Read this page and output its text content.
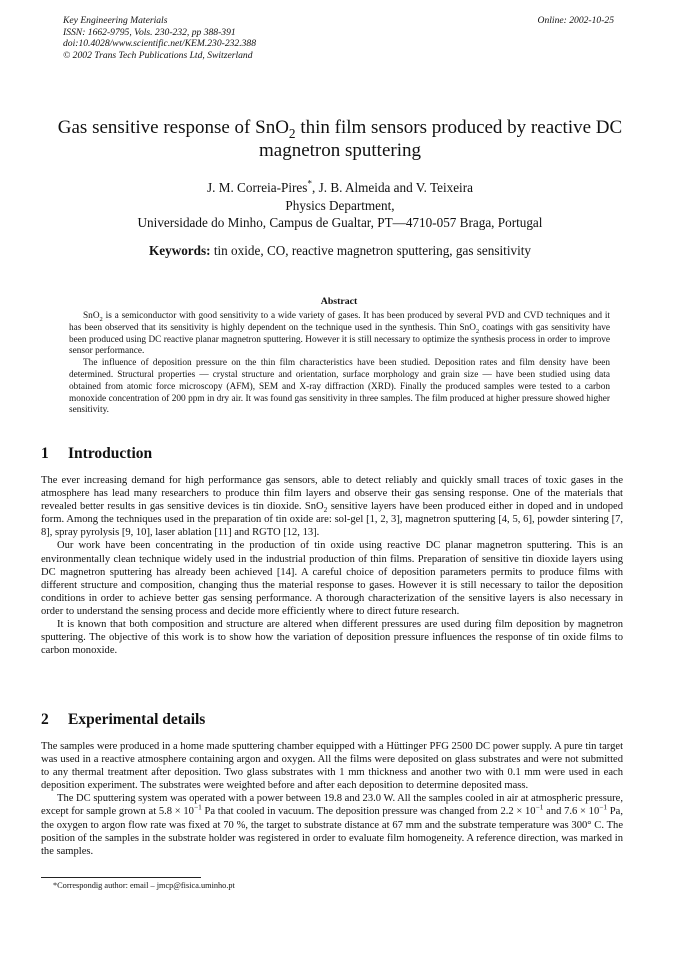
Key Engineering Materials
ISSN: 1662-9795, Vols. 230-232, pp 388-391
doi:10.4028/www.scientific.net/KEM.230-232.388
© 2002 Trans Tech Publications Ltd, Switzerland
Online: 2002-10-25
Gas sensitive response of SnO$_2$ thin film sensors produced by reactive DC magnetron sputtering
J. M. Correia-Pires*, J. B. Almeida and V. Teixeira
Physics Department,
Universidade do Minho, Campus de Gualtar, PT—4710-057 Braga, Portugal
Keywords: tin oxide, CO, reactive magnetron sputtering, gas sensitivity
Abstract

SnO$_2$ is a semiconductor with good sensitivity to a wide variety of gases. It has been produced by several PVD and CVD techniques and it has been observed that its sensitivity is highly dependent on the technique used in the synthesis. Thin SnO$_2$ coatings with gas sensitivity have been produced using DC reactive planar magnetron sputtering. However it is still necessary to optimize the synthesis process in order to improve sensor performance.

The influence of deposition pressure on the thin film characteristics have been studied. Deposition rates and film density have been determined. Structural properties — crystal structure and orientation, surface morphology and grain size — have been studied using data obtained from atomic force microscopy (AFM), SEM and X-ray diffraction (XRD). Finally the produced samples were tested to a carbon monoxide concentration of 200 ppm in dry air. It was found gas sensitivity in three samples. The film produced at higher pressure showed higher sensitivity.

1 Introduction

The ever increasing demand for high performance gas sensors, able to detect reliably and quickly small traces of toxic gases in the atmosphere has lead many researchers to produce thin film layers and observe their gas sensing response. One of the materials that revealed better results in gas sensitive devices is tin dioxide. SnO$_2$ sensitive layers have been produced either in doped and in undoped form. Among the techniques used in the preparation of tin oxide are: sol-gel [1, 2, 3], magnetron sputtering [4, 5, 6], powder sintering [7, 8], spray pyrolysis [9, 10], laser ablation [11] and RGTO [12, 13].

Our work have been concentrating in the production of tin oxide using reactive DC planar magnetron sputtering. This is an environmentally clean technique widely used in the industrial production of thin films. Preparation of sensitive tin dioxide layers using DC magnetron sputtering has already been achieved [14]. A careful choice of deposition parameters permits to produce films with different structure and composition, changing thus the material response to gases. However it is still necessary to tailor the deposition conditions in order to achieve better gas sensing performance. A thorough characterization of the sensitive layers is also necessary in order to understand the sensing process and decide more efficiently where to direct future research.

It is known that both composition and structure are altered when different pressures are used during film deposition by magnetron sputtering. The objective of this work is to show how the variation of deposition pressure influences the response of tin oxide films to carbon monoxide.

2 Experimental details

The samples were produced in a home made sputtering chamber equipped with a Hüttinger PFG 2500 DC power supply. A pure tin target was used in a reactive atmosphere containing argon and oxygen. All the films were deposited on glass substrates and were not submitted to any thermal treatment after deposition. Two glass substrates with 1 mm thickness and another two with 0.1 mm were used in each deposition experiment. The substrates were weighted before and after each deposition to determine deposited mass.

The DC sputtering system was operated with a power between 19.8 and 23.0 W. All the samples cooled in air at atmospheric pressure, except for sample grown at $5.8 \times 10^{-1}$ Pa that cooled in vacuum. The deposition pressure was changed from $2.2 \times 10^{-1}$ and $7.6 \times 10^{-1}$ Pa, the oxygen to argon flow rate was fixed at 70 %, the target to substrate distance at 67 mm and the substrate temperature was 300° C. The position of the samples in the substrate holder was registered in order to evaluate film homogeneity. A reference direction, was marked in the samples.

*Correspondig author: email – jmcp@fisica.uminho.pt
